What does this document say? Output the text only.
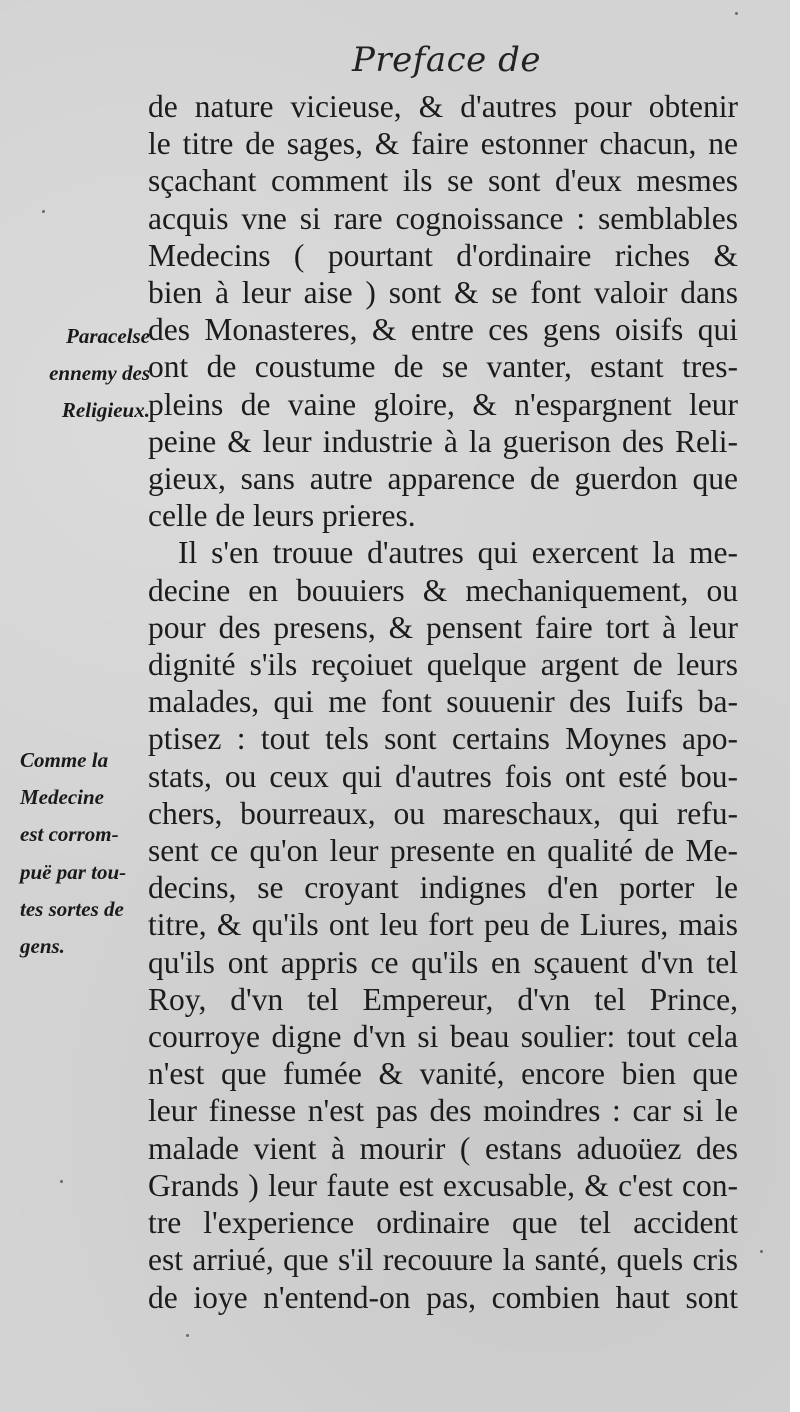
Preface de
Paracelse
ennemy des
Religieux.
Comme la
Medecine
est corrom-
puë par tou-
tes sortes de
gens.
de nature vicieuse, & d'autres pour obtenir
le titre de sages, & faire estonner chacun, ne
sçachant comment ils se sont d'eux mesmes
acquis vne si rare cognoissance : semblables
Medecins ( pourtant d'ordinaire riches &
bien à leur aise ) sont & se font valoir dans
des Monasteres, & entre ces gens oisifs qui
ont de coustume de se vanter, estant tres-
pleins de vaine gloire, & n'espargnent leur
peine & leur industrie à la guerison des Reli-
gieux, sans autre apparence de guerdon que
celle de leurs prieres.
Il s'en trouue d'autres qui exercent la me-
decine en bouuiers & mechaniquement, ou
pour des presens, & pensent faire tort à leur
dignité s'ils reçoiuet quelque argent de leurs
malades, qui me font souuenir des Iuifs ba-
ptisez : tout tels sont certains Moynes apo-
stats, ou ceux qui d'autres fois ont esté bou-
chers, bourreaux, ou mareschaux, qui refu-
sent ce qu'on leur presente en qualité de Me-
decins, se croyant indignes d'en porter le
titre, & qu'ils ont leu fort peu de Liures, mais
qu'ils ont appris ce qu'ils en sçauent d'vn tel
Roy, d'vn tel Empereur, d'vn tel Prince,
courroye digne d'vn si beau soulier: tout cela
n'est que fumée & vanité, encore bien que
leur finesse n'est pas des moindres : car si le
malade vient à mourir ( estans aduoüez des
Grands ) leur faute est excusable, & c'est con-
tre l'experience ordinaire que tel accident
est arriué, que s'il recouure la santé, quels cris
de ioye n'entend-on pas, combien haut sont
